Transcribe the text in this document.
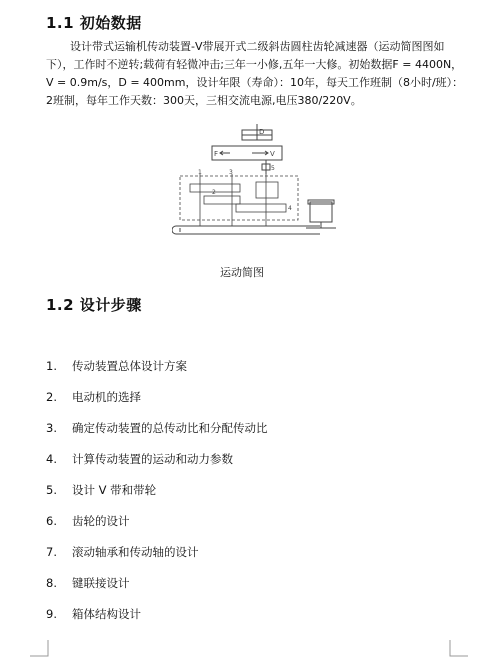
1.1 初始数据

设计带式运输机传动装置-V带展开式二级斜齿圆柱齿轮减速器（运动简图图如下），工作时不逆转;载荷有轻微冲击;三年一小修,五年一大修。初始数据F = 4400N，V = 0.9m/s，D = 400mm，设计年限（寿命）：10年，每天工作班制（8小时/班）：2班制，每年工作天数：300天，三相交流电源,电压380/220V。

D
F	V
5
1
2
3
4
运动简图
1.2 设计步骤
1.	传动装置总体设计方案
2.	电动机的选择
3.	确定传动装置的总传动比和分配传动比
4.	计算传动装置的运动和动力参数
5.	设计 V 带和带轮
6.	齿轮的设计
7.	滚动轴承和传动轴的设计
8.	键联接设计
9.	箱体结构设计
